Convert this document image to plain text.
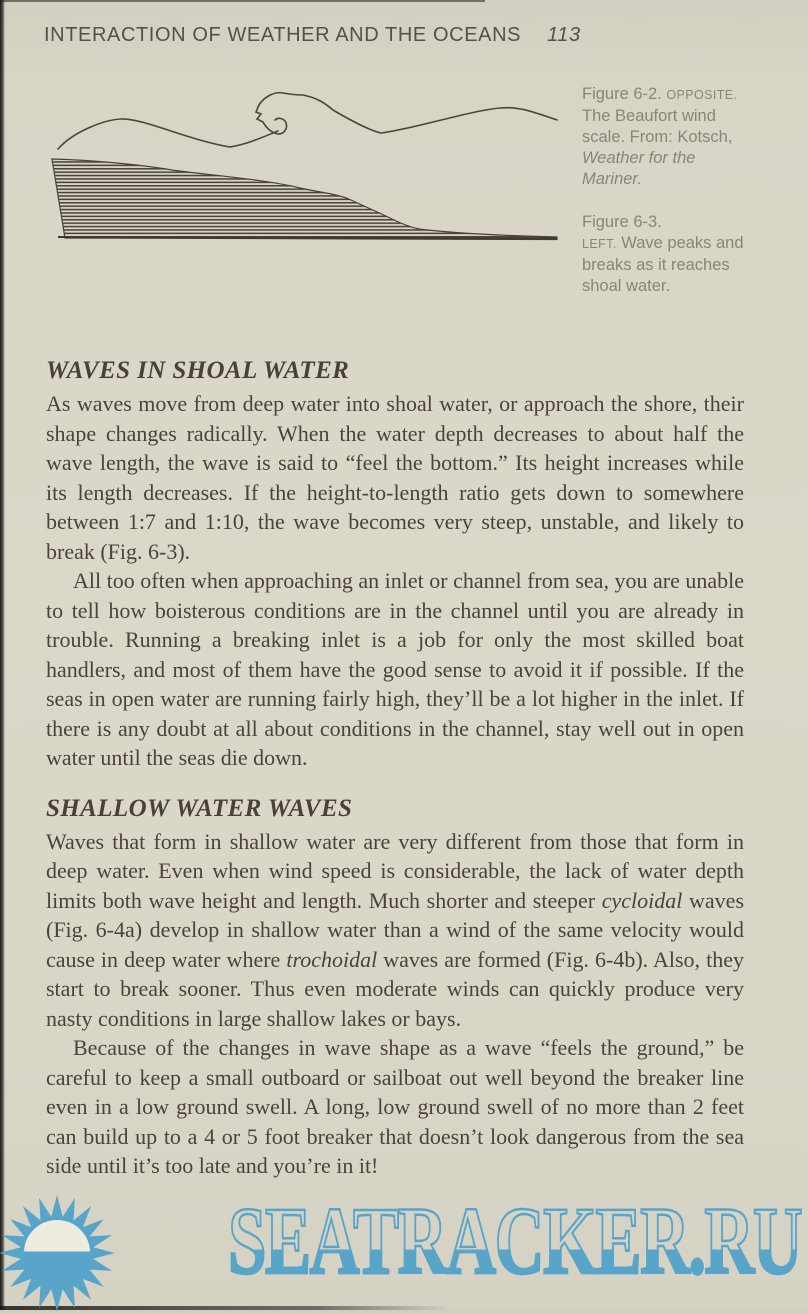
INTERACTION OF WEATHER AND THE OCEANS 113

Figure 6-2. OPPOSITE. The Beaufort wind scale. From: Kotsch, Weather for the Mariner.

Figure 6-3.
LEFT. Wave peaks and breaks as it reaches shoal water.

WAVES IN SHOAL WATER

As waves move from deep water into shoal water, or approach the shore, their shape changes radically. When the water depth decreases to about half the wave length, the wave is said to “feel the bottom.” Its height increases while its length decreases. If the height-to-length ratio gets down to somewhere between 1:7 and 1:10, the wave becomes very steep, unstable, and likely to break (Fig. 6-3).

All too often when approaching an inlet or channel from sea, you are unable to tell how boisterous conditions are in the channel until you are already in trouble. Running a breaking inlet is a job for only the most skilled boat handlers, and most of them have the good sense to avoid it if possible. If the seas in open water are running fairly high, they’ll be a lot higher in the inlet. If there is any doubt at all about conditions in the channel, stay well out in open water until the seas die down.

SHALLOW WATER WAVES

Waves that form in shallow water are very different from those that form in deep water. Even when wind speed is considerable, the lack of water depth limits both wave height and length. Much shorter and steeper cycloidal waves (Fig. 6-4a) develop in shallow water than a wind of the same velocity would cause in deep water where trochoidal waves are formed (Fig. 6-4b). Also, they start to break sooner. Thus even moderate winds can quickly produce very nasty conditions in large shallow lakes or bays.

Because of the changes in wave shape as a wave “feels the ground,” be careful to keep a small outboard or sailboat out well beyond the breaker line even in a low ground swell. A long, low ground swell of no more than 2 feet can build up to a 4 or 5 foot breaker that doesn’t look dangerous from the sea side until it’s too late and you’re in it!

SEATRACKER.RU
